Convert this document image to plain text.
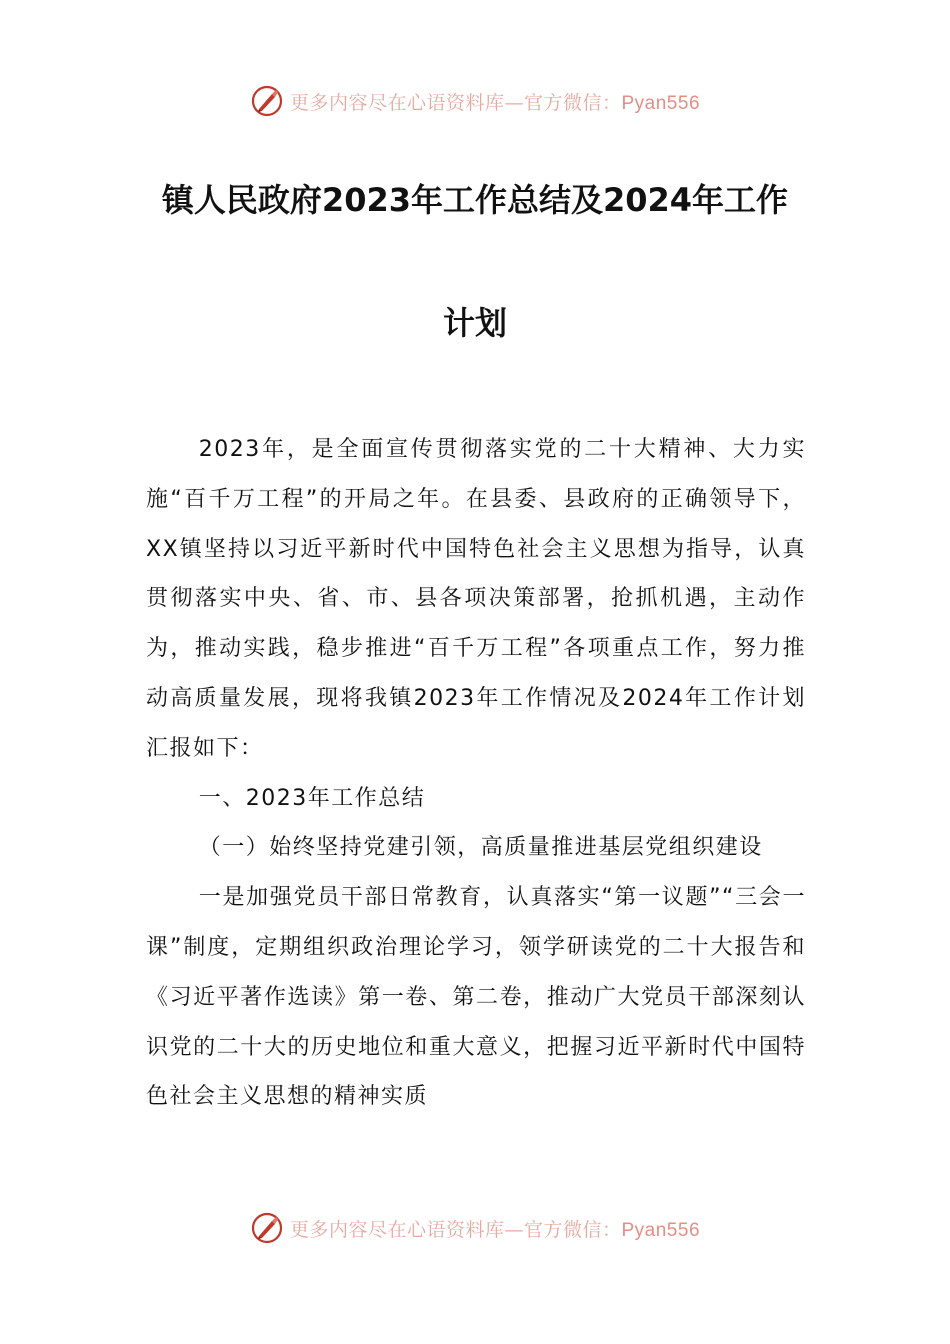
更多内容尽在心语资料库—官方微信：Pyan556
镇人民政府2023年工作总结及2024年工作
计划

2023年，是全面宣传贯彻落实党的二十大精神、大力实施“百千万工程”的开局之年。在县委、县政府的正确领导下，XX镇坚持以习近平新时代中国特色社会主义思想为指导，认真贯彻落实中央、省、市、县各项决策部署，抢抓机遇，主动作为，推动实践，稳步推进“百千万工程”各项重点工作，努力推动高质量发展，现将我镇2023年工作情况及2024年工作计划汇报如下：

一、2023年工作总结

（一）始终坚持党建引领，高质量推进基层党组织建设

一是加强党员干部日常教育，认真落实“第一议题”“三会一课”制度，定期组织政治理论学习，领学研读党的二十大报告和《习近平著作选读》第一卷、第二卷，推动广大党员干部深刻认识党的二十大的历史地位和重大意义，把握习近平新时代中国特色社会主义思想的精神实质

更多内容尽在心语资料库—官方微信：Pyan556
